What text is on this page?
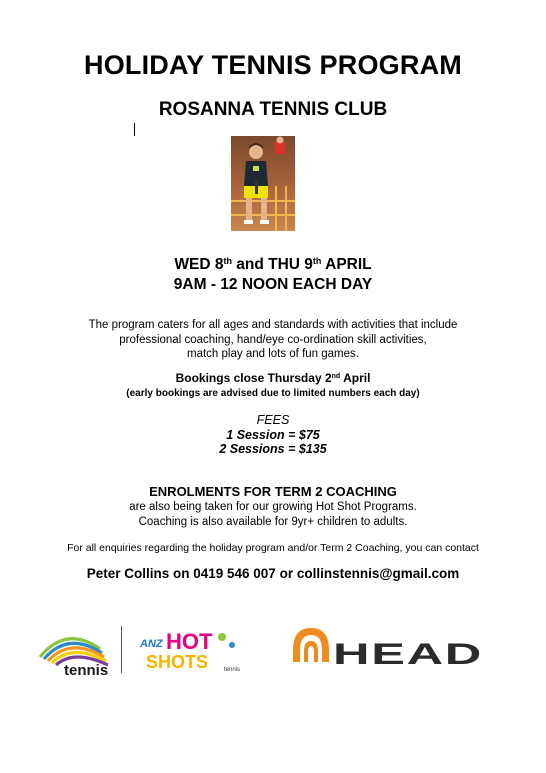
HOLIDAY TENNIS PROGRAM
ROSANNA TENNIS CLUB
WED 8th and THU 9th APRIL
9AM - 12 NOON EACH DAY
The program caters for all ages and standards with activities that include
professional coaching, hand/eye co-ordination skill activities,
match play and lots of fun games.
Bookings close Thursday 2nd April
(early bookings are advised due to limited numbers each day)
FEES
1 Session = $75
2 Sessions = $135
ENROLMENTS FOR TERM 2 COACHING
are also being taken for our growing Hot Shot Programs.
Coaching is also available for 9yr+ children to adults.
For all enquiries regarding the holiday program and/or Term 2 Coaching, you can contact
Peter Collins on 0419 546 007 or collinstennis@gmail.com
tennis
ANZ HOT
SHOTS	tennis	HEAD
